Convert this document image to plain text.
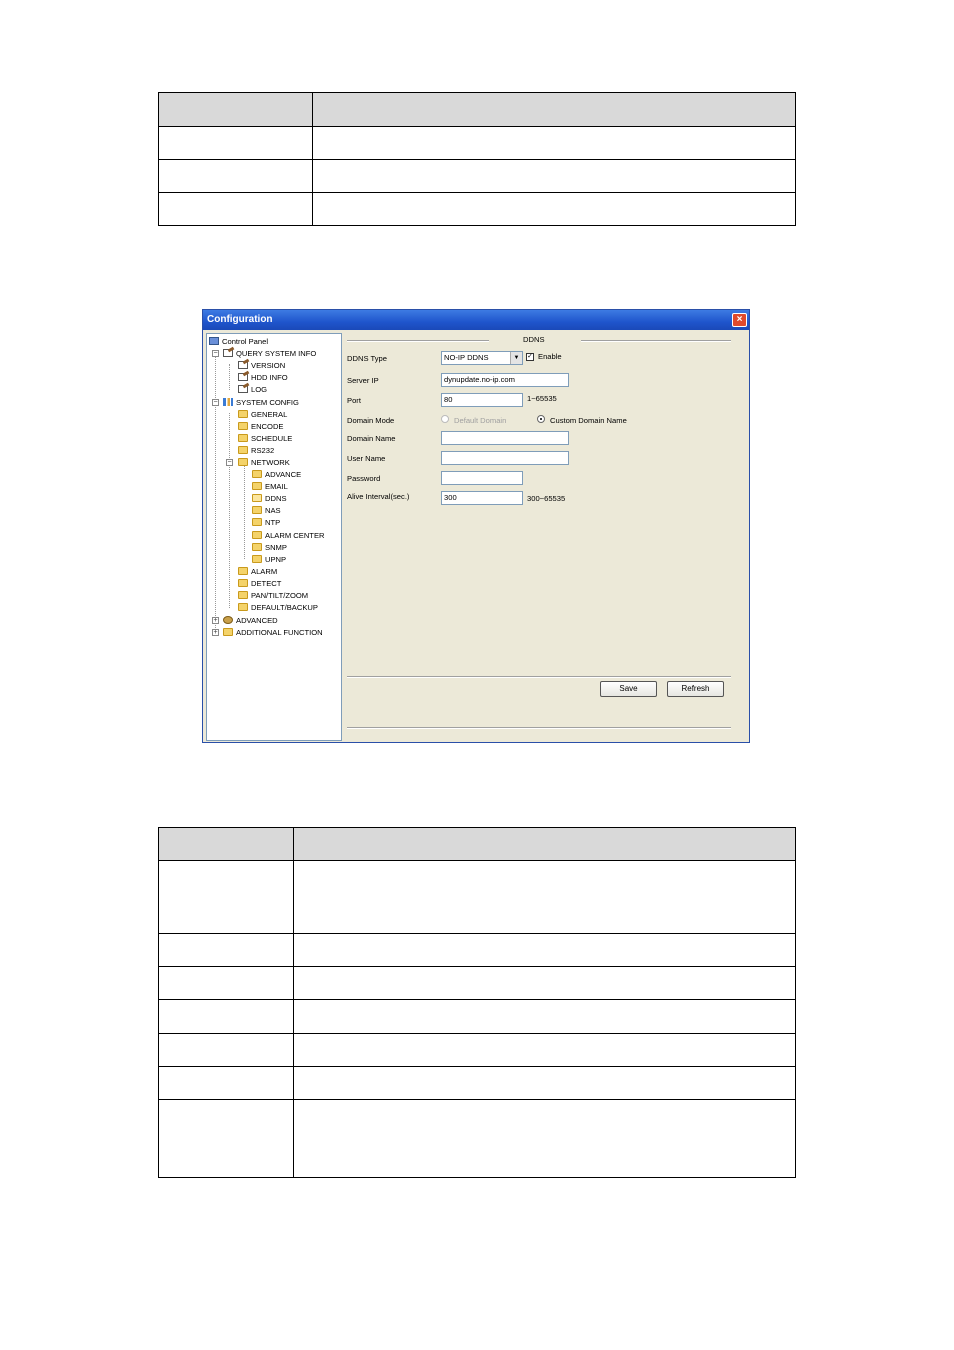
Configuration	×
Control Panel
−	QUERY SYSTEM INFO
VERSION
HDD INFO
LOG
−	SYSTEM CONFIG
GENERAL
ENCODE
SCHEDULE
RS232
−	NETWORK
ADVANCE
EMAIL
DDNS
NAS
NTP
ALARM CENTER
SNMP
UPNP
ALARM
DETECT
PAN/TILT/ZOOM
DEFAULT/BACKUP
+	ADVANCED
+	ADDITIONAL FUNCTION
DDNS
DDNS Type	NO-IP DDNS	▼	✓ Enable
Server IP	dynupdate.no-ip.com
Port	80	1~65535
Domain Mode	Default Domain	Custom Domain Name
Domain Name
User Name
Password
Alive Interval(sec.)	300	300~65535
Save	Refresh
